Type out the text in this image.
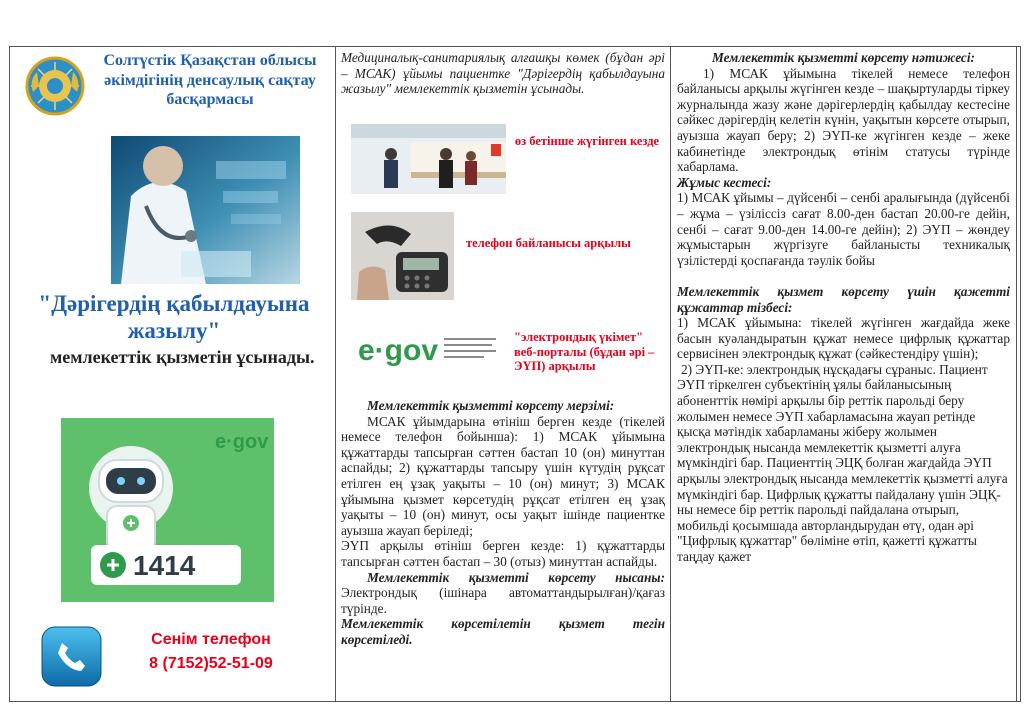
Солтүстік Қазақстан облысы әкімдігінің денсаулық сақтау басқармасы
"Дәрігердің қабылдауына жазылу"
мемлекеттік қызметін ұсынады.
1414
e·gov
Сенім телефон
8 (7152)52-51-09

Медициналық-санитариялық алғашқы көмек (бұдан әрі – МСАК) ұйымы пациентке "Дәрігердің қабылдауына жазылу" мемлекеттік қызметін ұсынады.

өз бетінше жүгінген кезде
телефон байланысы арқылы
e·gov	"электрондық үкімет" веб-порталы (бұдан әрі – ЭҮП) арқылы

Мемлекеттік қызметті көрсету мерзімі:

МСАК ұйымдарына өтініш берген кезде (тікелей немесе телефон бойынша): 1) МСАК ұйымына құжаттарды тапсырған сәттен бастап 10 (он) минуттан аспайды; 2) құжаттарды тапсыру үшін күтудің рұқсат етілген ең ұзақ уақыты – 10 (он) минут; 3) МСАК ұйымына қызмет көрсетудің рұқсат етілген ең ұзақ уақыты – 10 (он) минут, осы уақыт ішінде пациентке ауызша жауап беріледі;

ЭҮП арқылы өтініш берген кезде: 1) құжаттарды тапсырған сәттен бастап – 30 (отыз) минуттан аспайды.

Мемлекеттік қызметті көрсету нысаны: Электрондық (ішінара автоматтандырылған)/қағаз түрінде.

Мемлекеттік көрсетілетін қызмет тегін көрсетіледі.

Мемлекеттік қызметті көрсету нәтижесі:

1) МСАК ұйымына тікелей немесе телефон байланысы арқылы жүгінген кезде – шақыртуларды тіркеу журналында жазу және дәрігерлердің қабылдау кестесіне сәйкес дәрігердің келетін күнін, уақытын көрсете отырып, ауызша жауап беру; 2) ЭҮП-ке жүгінген кезде – жеке кабинетінде электрондық өтінім статусы түрінде хабарлама.

Жұмыс кестесі:

1) МСАК ұйымы – дүйсенбі – сенбі аралығында (дүйсенбі – жұма – үзіліссіз сағат 8.00-ден бастап 20.00-ге дейін, сенбі – сағат 9.00-ден 14.00-ге дейін); 2) ЭҮП – жөндеу жұмыстарын жүргізуге байланысты техникалық үзілістерді қоспағанда тәулік бойы

Мемлекеттік қызмет көрсету үшін қажетті құжаттар тізбесі:

1) МСАК ұйымына: тікелей жүгінген жағдайда жеке басын куәландыратын құжат немесе цифрлық құжаттар сервисінен электрондық құжат (сәйкестендіру үшін);

2) ЭҮП-ке: электрондық нұсқадағы сұраныс. Пациент ЭҮП тіркелген субъектінің ұялы байланысының абоненттік нөмірі арқылы бір реттік парольді беру жолымен немесе ЭҮП хабарламасына жауап ретінде қысқа мәтіндік хабарламаны жіберу жолымен электрондық нысанда мемлекеттік қызметті алуға мүмкіндігі бар. Пациенттің ЭЦҚ болған жағдайда ЭҮП арқылы электрондық нысанда мемлекеттік қызметті алуға мүмкіндігі бар. Цифрлық құжатты пайдалану үшін ЭЦҚ-ны немесе бір реттік парольді пайдалана отырып, мобильді қосымшада авторландырудан өтү, одан әрі "Цифрлық құжаттар" бөліміне өтіп, қажетті құжатты таңдау қажет
